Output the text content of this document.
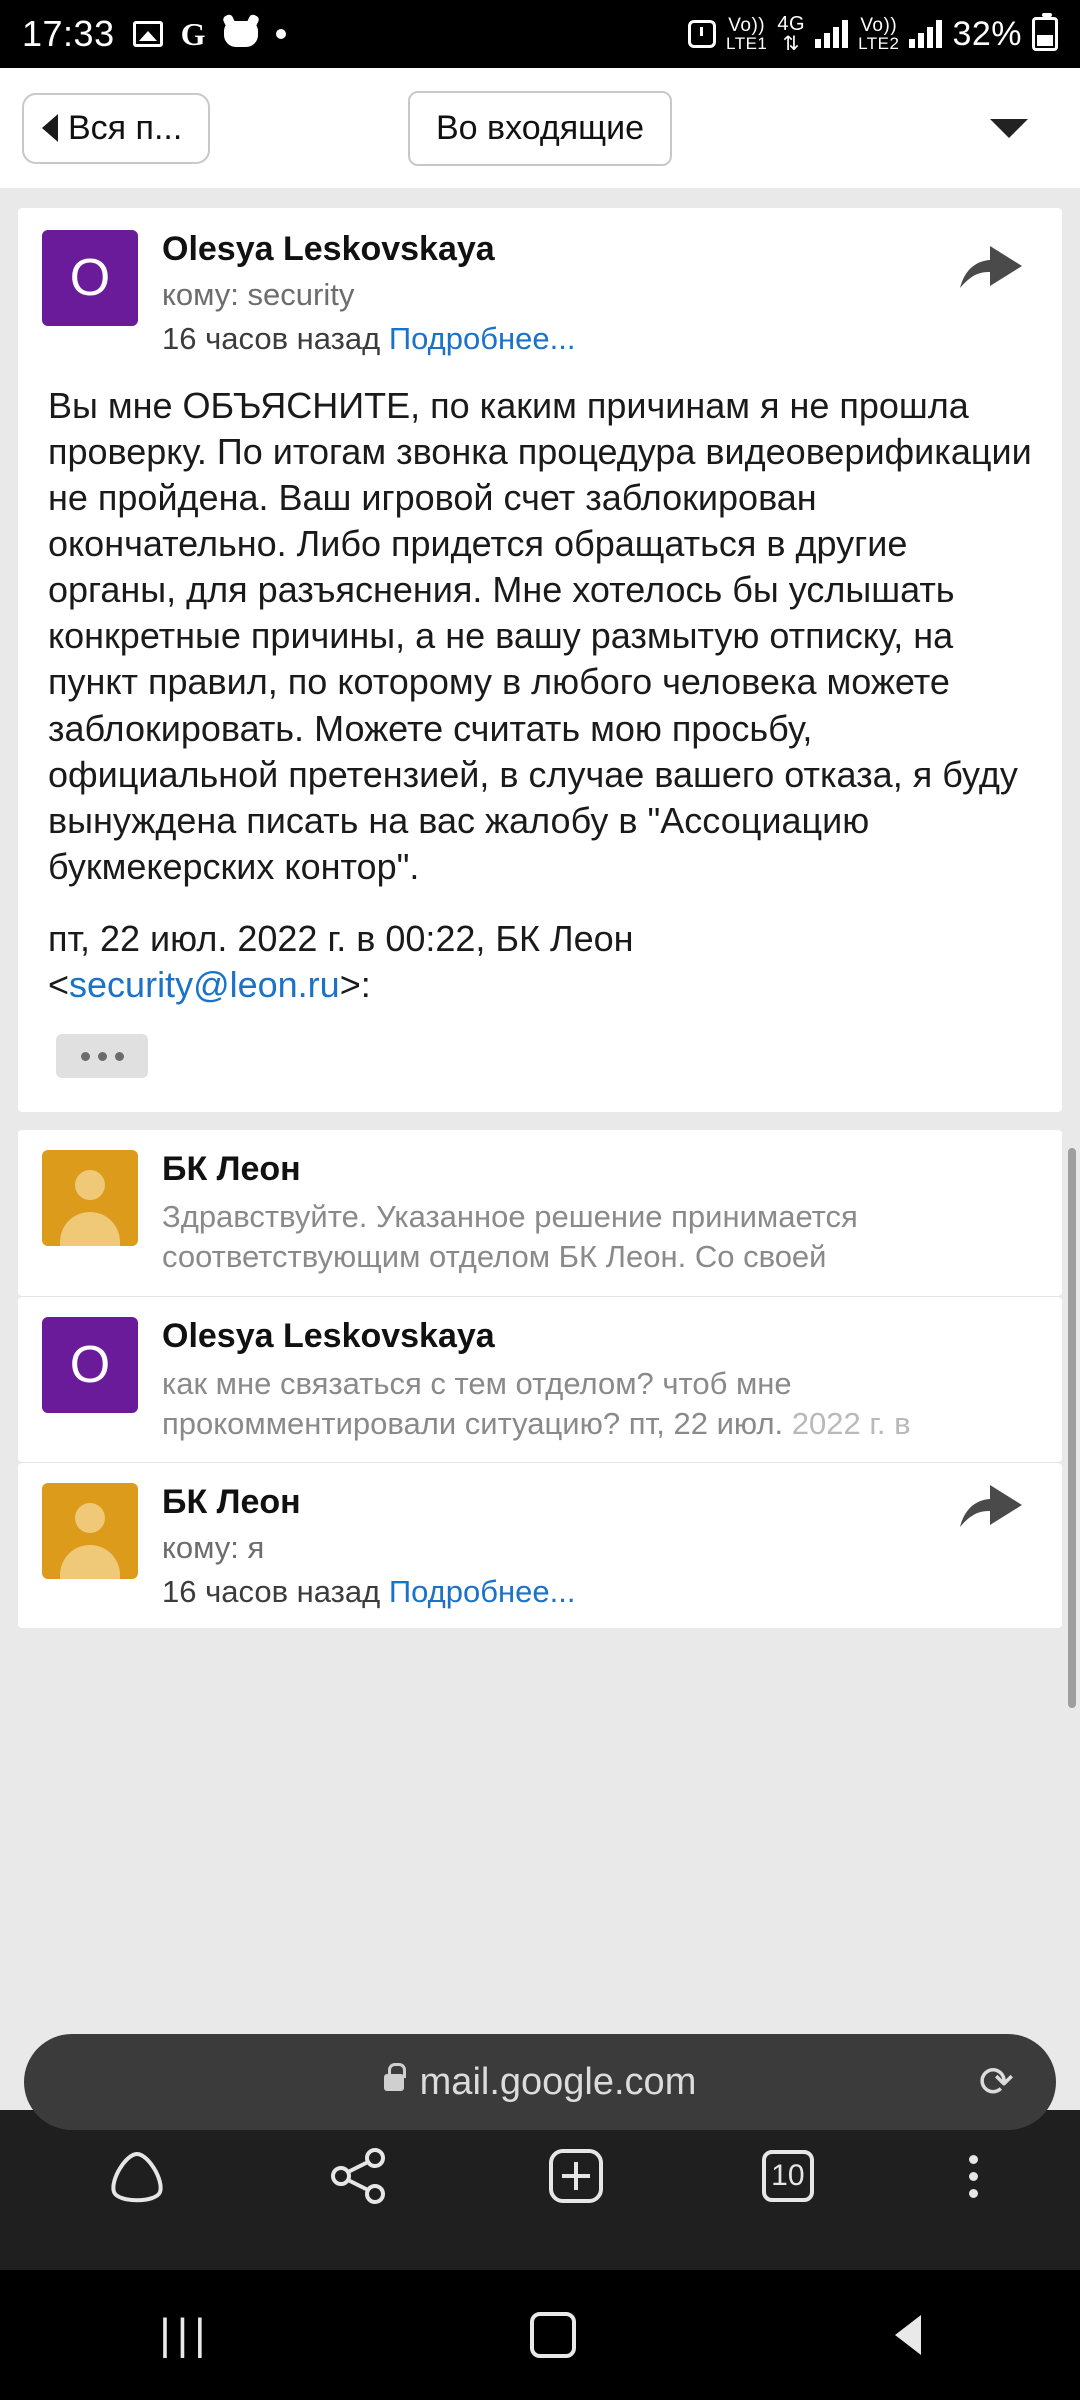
17:33 G	Vo))
LTE1
4G
⇅
Vo))
LTE2 32%
Вся п...	Во входящие
O	Olesya Leskovskaya
кому: security
16 часов назад Подробнее...
Вы мне ОБЪЯСНИТЕ, по каким причинам я не прошла проверку. По итогам звонка процедура видеоверификации не пройдена. Ваш игровой счет заблокирован окончательно. Либо придется обращаться в другие органы, для разъяснения. Мне хотелось бы услышать конкретные причины, а не вашу размытую отписку, на пункт правил, по которому в любого человека можете заблокировать. Можете считать мою просьбу, официальной претензией, в случае вашего отказа, я буду вынуждена писать на вас жалобу в "Ассоциацию букмекерских контор".
пт, 22 июл. 2022 г. в 00:22, БК Леон
<security@leon.ru>:
БК Леон
Здравствуйте. Указанное решение принимается
соответствующим отделом БК Леон. Со своей
O	Olesya Leskovskaya
как мне связаться с тем отделом? чтоб мне
прокомментировали ситуацию? пт, 22 июл. 2022 г. в
БК Леон
кому: я
16 часов назад Подробнее...
mail.google.com	⟳
10
|||
